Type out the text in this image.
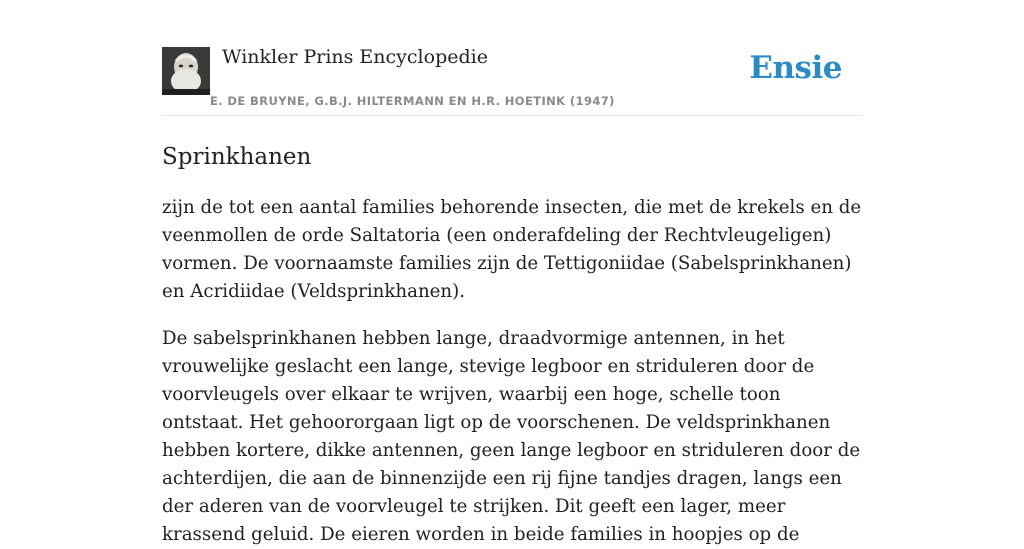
Winkler Prins Encyclopedie
E. DE BRUYNE, G.B.J. HILTERMANN EN H.R. HOETINK (1947)
Ensie
Sprinkhanen

zijn de tot een aantal families behorende insecten, die met de krekels en de veenmollen de orde Saltatoria (een onderafdeling der Rechtvleugeligen) vormen. De voornaamste families zijn de Tettigoniidae (Sabelsprinkhanen) en Acridiidae (Veldsprinkhanen).

De sabelsprinkhanen hebben lange, draadvormige antennen, in het vrouwelijke geslacht een lange, stevige legboor en striduleren door de voorvleugels over elkaar te wrijven, waarbij een hoge, schelle toon ontstaat. Het gehoororgaan ligt op de voorschenen. De veldsprinkhanen hebben kortere, dikke antennen, geen lange legboor en striduleren door de achterdijen, die aan de binnenzijde een rij fijne tandjes dragen, langs een der aderen van de voorvleugel te strijken. Dit geeft een lager, meer krassend geluid. De eieren worden in beide families in hoopjes op de
